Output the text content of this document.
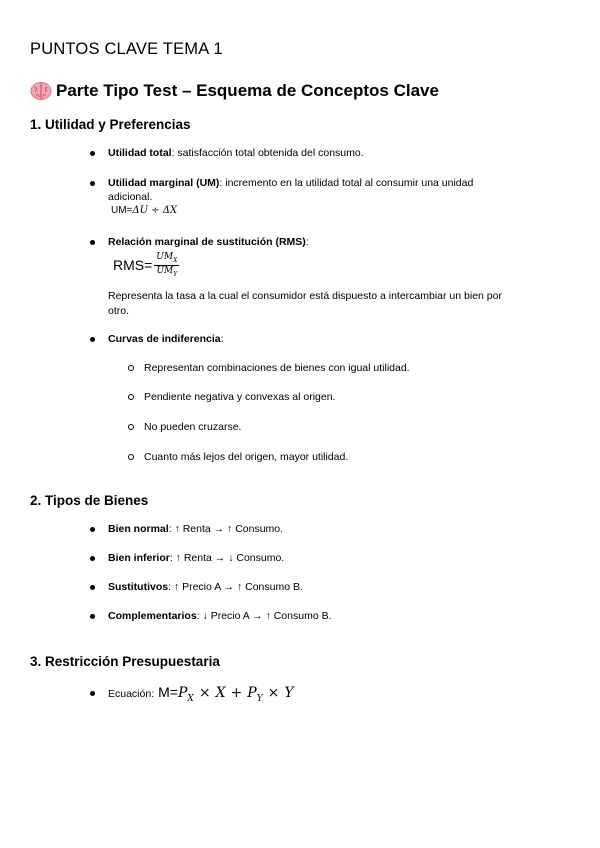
PUNTOS CLAVE TEMA 1
Parte Tipo Test – Esquema de Conceptos Clave
1. Utilidad y Preferencias
Utilidad total: satisfacción total obtenida del consumo.
Utilidad marginal (UM): incremento en la utilidad total al consumir una unidad adicional.
UM=ΔU ÷ ΔX
Relación marginal de sustitución (RMS):
$RMS= \frac{UM_X}{UM_Y}$
Representa la tasa a la cual el consumidor está dispuesto a intercambiar un bien por otro.
Curvas de indiferencia:
Representan combinaciones de bienes con igual utilidad.
Pendiente negativa y convexas al origen.
No pueden cruzarse.
Cuanto más lejos del origen, mayor utilidad.
2. Tipos de Bienes
Bien normal: ↑ Renta → ↑ Consumo.
Bien inferior: ↑ Renta → ↓ Consumo.
Sustitutivos: ↑ Precio A → ↑ Consumo B.
Complementarios: ↓ Precio A → ↑ Consumo B.
3. Restricción Presupuestaria
Ecuación: $M = P_X \times X + P_Y \times Y$
